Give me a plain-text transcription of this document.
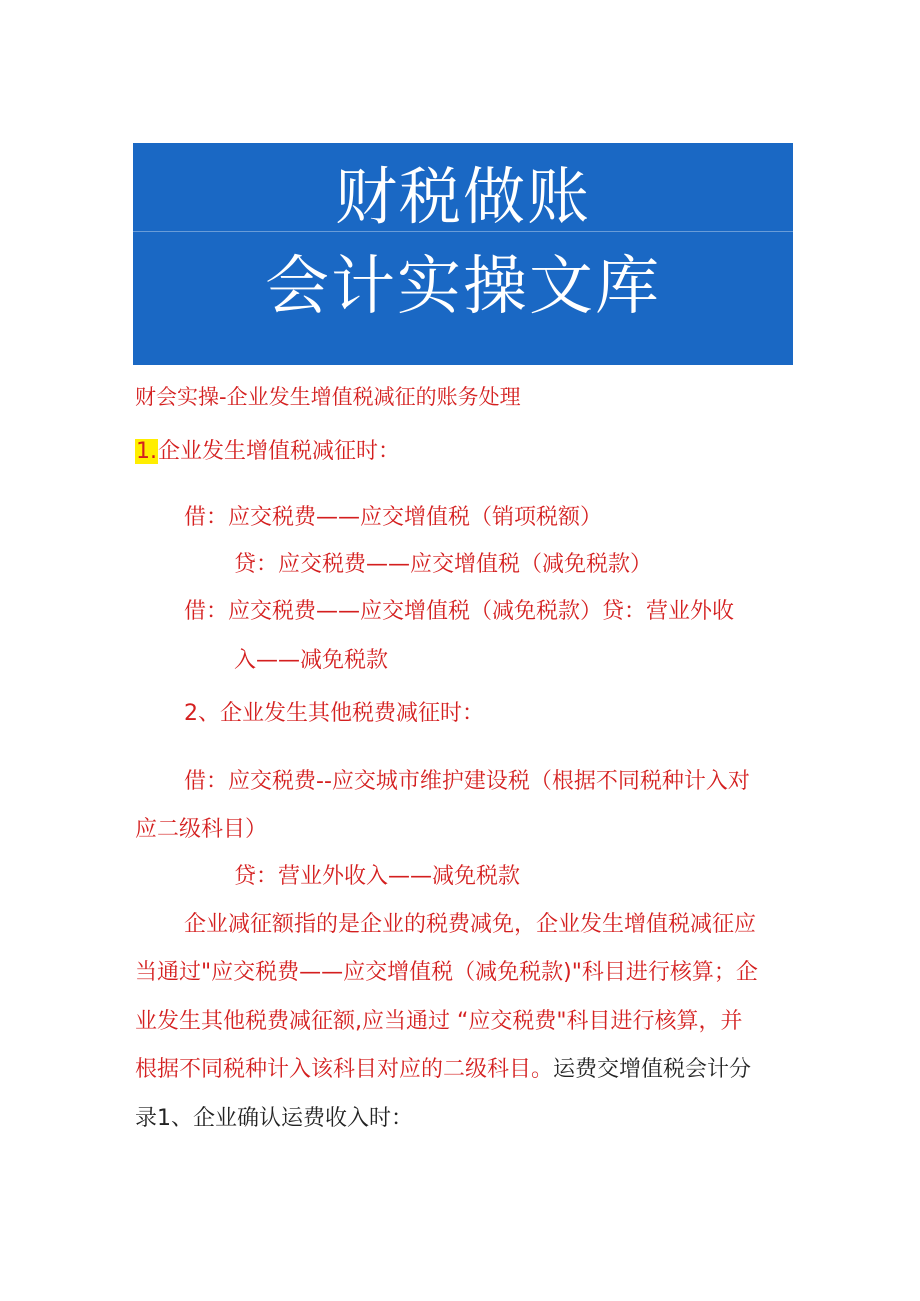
财税做账
会计实操文库
财会实操-企业发生增值税减征的账务处理
1.企业发生增值税减征时：
借：应交税费——应交增值税（销项税额）
贷：应交税费——应交增值税（减免税款）
借：应交税费——应交增值税（减免税款）贷：营业外收
入——减免税款
2、企业发生其他税费减征时：
借：应交税费--应交城市维护建设税（根据不同税种计入对
应二级科目）
贷：营业外收入——减免税款
企业减征额指的是企业的税费减免，企业发生增值税减征应
当通过"应交税费——应交增值税（减免税款)"科目进行核算；企
业发生其他税费减征额,应当通过 “应交税费"科目进行核算，并
根据不同税种计入该科目对应的二级科目。运费交增值税会计分
录1、企业确认运费收入时：
